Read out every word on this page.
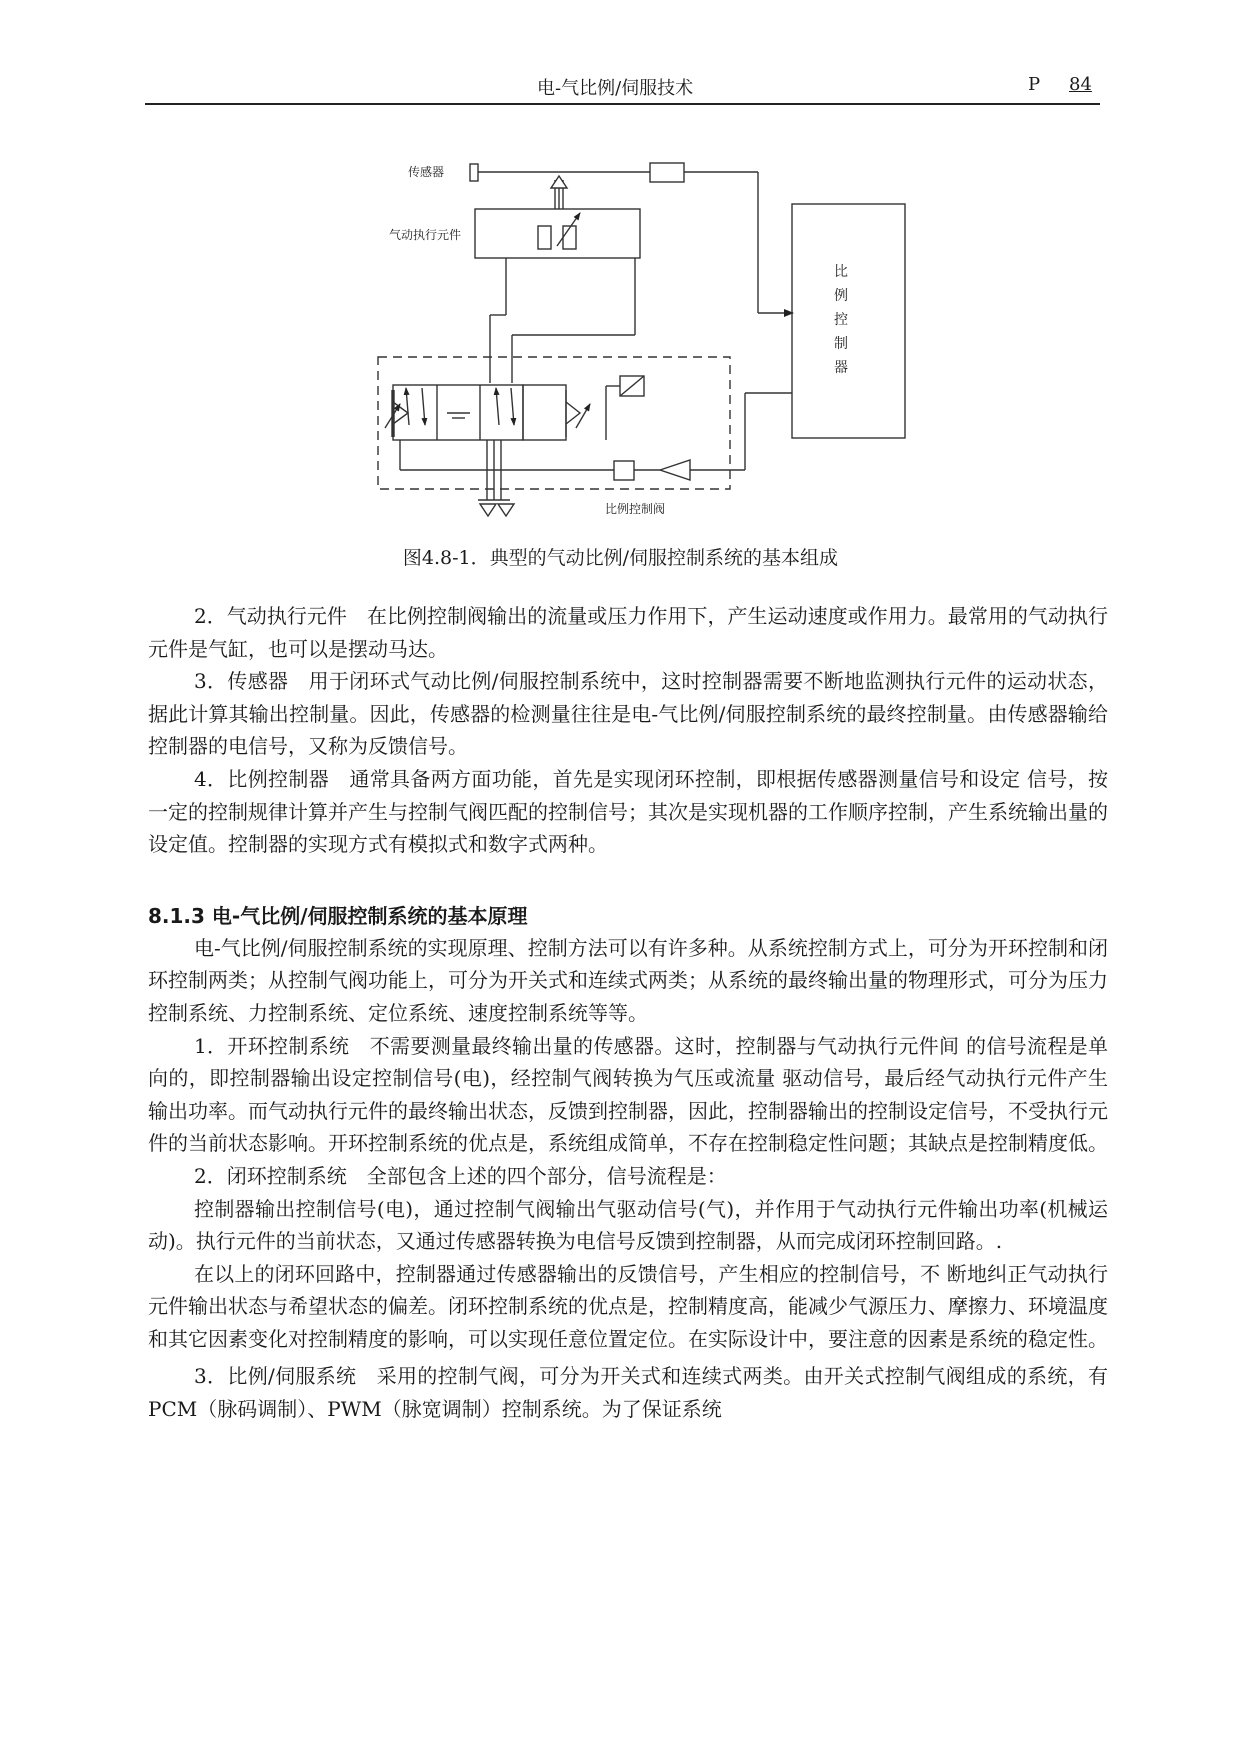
电-气比例/伺服技术	P 84
传感器
气动执行元件
比
例
控
制
器
比例控制阀
图4.8-1．典型的气动比例/伺服控制系统的基本组成

2．气动执行元件　在比例控制阀输出的流量或压力作用下，产生运动速度或作用力。最常用的气动执行元件是气缸，也可以是摆动马达。

3．传感器　用于闭环式气动比例/伺服控制系统中，这时控制器需要不断地监测执行元件的运动状态，据此计算其输出控制量。因此，传感器的检测量往往是电-气比例/伺服控制系统的最终控制量。由传感器输给控制器的电信号，又称为反馈信号。

4．比例控制器　通常具备两方面功能，首先是实现闭环控制，即根据传感器测量信号和设定 信号，按一定的控制规律计算并产生与控制气阀匹配的控制信号；其次是实现机器的工作顺序控制，产生系统输出量的设定值。控制器的实现方式有模拟式和数字式两种。

8.1.3 电-气比例/伺服控制系统的基本原理

电-气比例/伺服控制系统的实现原理、控制方法可以有许多种。从系统控制方式上，可分为开环控制和闭环控制两类；从控制气阀功能上，可分为开关式和连续式两类；从系统的最终输出量的物理形式，可分为压力控制系统、力控制系统、定位系统、速度控制系统等等。

1．开环控制系统　不需要测量最终输出量的传感器。这时，控制器与气动执行元件间 的信号流程是单向的，即控制器输出设定控制信号(电)，经控制气阀转换为气压或流量 驱动信号，最后经气动执行元件产生输出功率。而气动执行元件的最终输出状态，反馈到控制器，因此，控制器输出的控制设定信号，不受执行元件的当前状态影响。开环控制系统的优点是，系统组成简单，不存在控制稳定性问题；其缺点是控制精度低。

2．闭环控制系统　全部包含上述的四个部分，信号流程是：

控制器输出控制信号(电)，通过控制气阀输出气驱动信号(气)，并作用于气动执行元件输出功率(机械运动)。执行元件的当前状态，又通过传感器转换为电信号反馈到控制器，从而完成闭环控制回路。.

在以上的闭环回路中，控制器通过传感器输出的反馈信号，产生相应的控制信号，不 断地纠正气动执行元件输出状态与希望状态的偏差。闭环控制系统的优点是，控制精度高，能减少气源压力、摩擦力、环境温度和其它因素变化对控制精度的影响，可以实现任意位置定位。在实际设计中，要注意的因素是系统的稳定性。

3．比例/伺服系统　采用的控制气阀，可分为开关式和连续式两类。由开关式控制气阀组成的系统，有PCM（脉码调制）、PWM（脉宽调制）控制系统。为了保证系统
